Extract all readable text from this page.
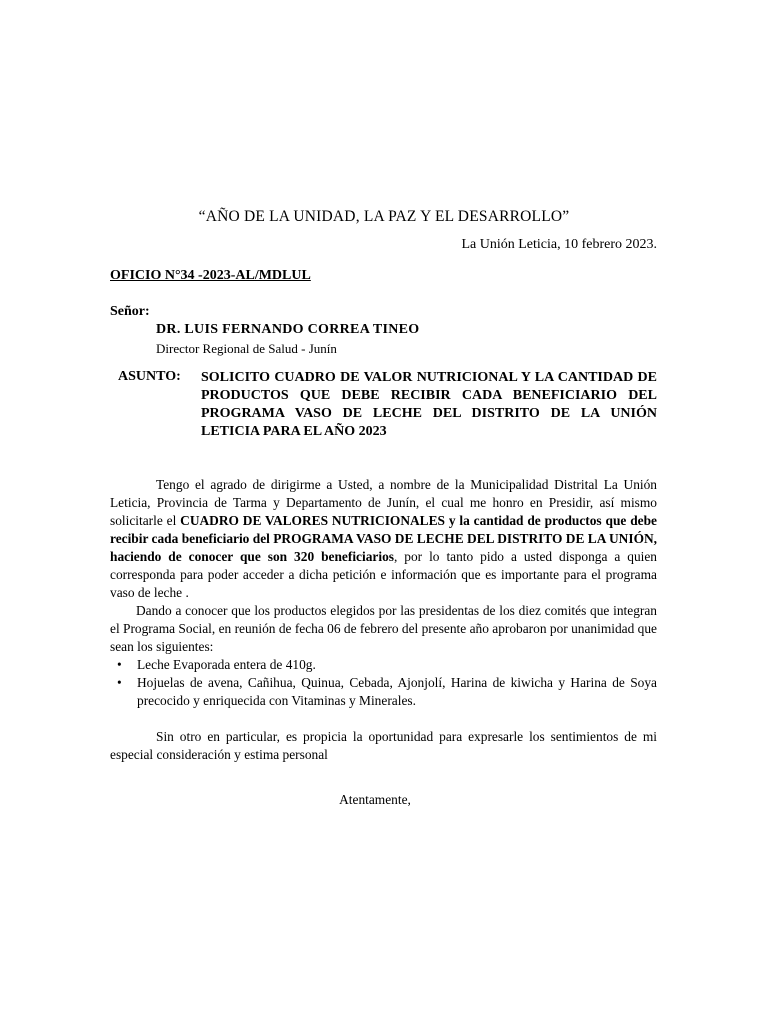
“AÑO DE LA UNIDAD, LA PAZ Y EL DESARROLLO”
La Unión Leticia, 10 febrero 2023.
OFICIO N°34 -2023-AL/MDLUL
Señor:
DR. LUIS FERNANDO CORREA TINEO
Director Regional de Salud - Junín
ASUNTO: SOLICITO CUADRO DE VALOR NUTRICIONAL Y LA CANTIDAD DE PRODUCTOS QUE DEBE RECIBIR CADA BENEFICIARIO DEL PROGRAMA VASO DE LECHE DEL DISTRITO DE LA UNIÓN LETICIA PARA EL AÑO 2023

Tengo el agrado de dirigirme a Usted, a nombre de la Municipalidad Distrital La Unión Leticia, Provincia de Tarma y Departamento de Junín, el cual me honro en Presidir, así mismo solicitarle el CUADRO DE VALORES NUTRICIONALES y la cantidad de productos que debe recibir cada beneficiario del PROGRAMA VASO DE LECHE DEL DISTRITO DE LA UNIÓN, haciendo de conocer que son 320 beneficiarios, por lo tanto pido a usted disponga a quien corresponda para poder acceder a dicha petición e información que es importante para el programa vaso de leche .

Dando a conocer que los productos elegidos por las presidentas de los diez comités que integran el Programa Social, en reunión de fecha 06 de febrero del presente año aprobaron por unanimidad que sean los siguientes:

• Leche Evaporada entera de 410g.
• Hojuelas de avena, Cañihua, Quinua, Cebada, Ajonjolí, Harina de kiwicha y Harina de Soya precocido y enriquecida con Vitaminas y Minerales.

Sin otro en particular, es propicia la oportunidad para expresarle los sentimientos de mi especial consideración y estima personal

Atentamente,
